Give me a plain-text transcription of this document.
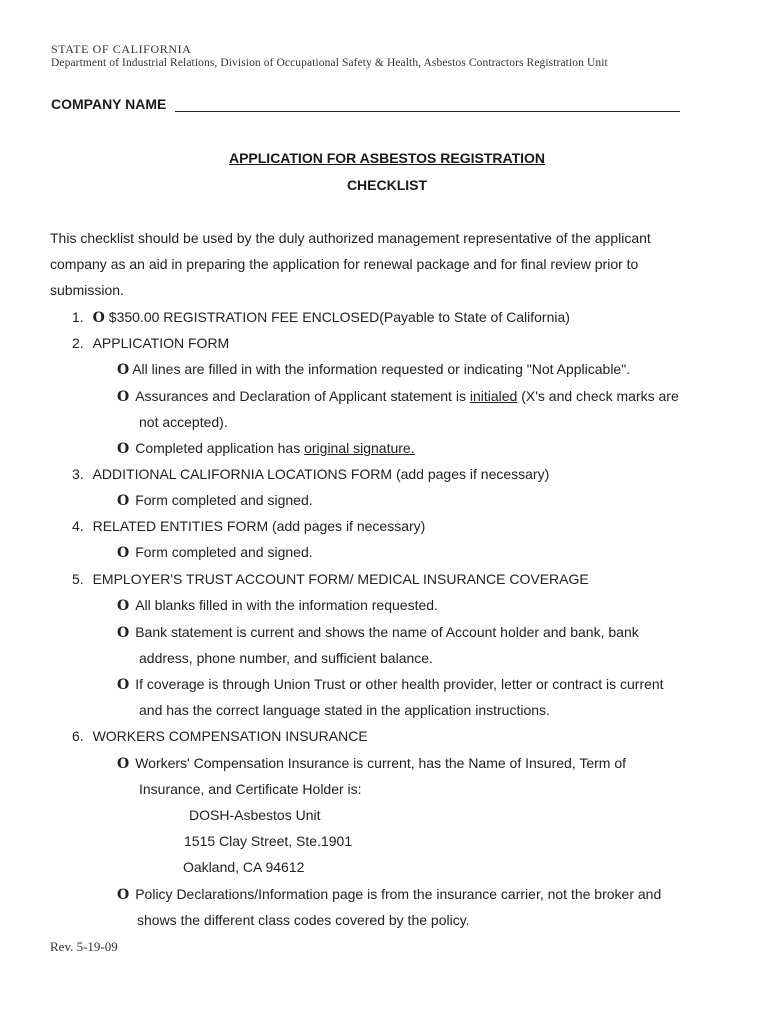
STATE OF CALIFORNIA
Department of Industrial Relations, Division of Occupational Safety & Health, Asbestos Contractors Registration Unit
COMPANY NAME
APPLICATION FOR ASBESTOS REGISTRATION
CHECKLIST
This checklist should be used by the duly authorized management representative of the applicant
company as an aid in preparing the application for renewal package and for final review prior to
submission.
1. O $350.00 REGISTRATION FEE ENCLOSED(Payable to State of California)
2. APPLICATION FORM
O All lines are filled in with the information requested or indicating "Not Applicable".
O Assurances and Declaration of Applicant statement is initialed (X's and check marks are
not accepted).
O Completed application has original signature.
3. ADDITIONAL CALIFORNIA LOCATIONS FORM (add pages if necessary)
O Form completed and signed.
4. RELATED ENTITIES FORM (add pages if necessary)
O Form completed and signed.
5. EMPLOYER'S TRUST ACCOUNT FORM/ MEDICAL INSURANCE COVERAGE
O All blanks filled in with the information requested.
O Bank statement is current and shows the name of Account holder and bank, bank
address, phone number, and sufficient balance.
O If coverage is through Union Trust or other health provider, letter or contract is current
and has the correct language stated in the application instructions.
6. WORKERS COMPENSATION INSURANCE
O Workers' Compensation Insurance is current, has the Name of Insured, Term of
Insurance, and Certificate Holder is:
DOSH-Asbestos Unit
1515 Clay Street, Ste.1901
Oakland, CA 94612
O Policy Declarations/Information page is from the insurance carrier, not the broker and
shows the different class codes covered by the policy.
Rev. 5-19-09
